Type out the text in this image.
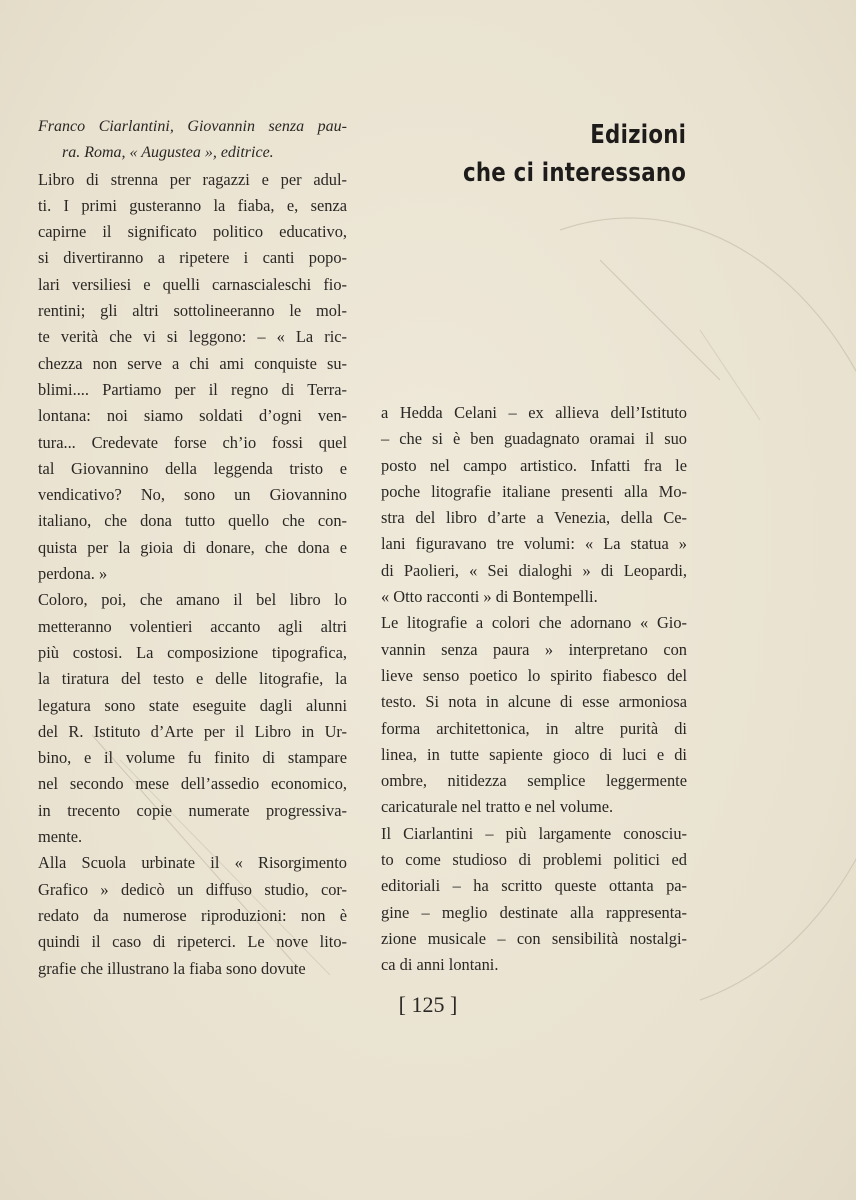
Edizioni
che ci interessano

Franco Ciarlantini, Giovannin senza pau-
ra. Roma, « Augustea », editrice.

Libro di strenna per ragazzi e per adul-

ti. I primi gusteranno la fiaba, e, senza

capirne il significato politico educativo,

si divertiranno a ripetere i canti popo-

lari versiliesi e quelli carnascialeschi fio-

rentini; gli altri sottolineeranno le mol-

te verità che vi si leggono: – « La ric-

chezza non serve a chi ami conquiste su-

blimi.... Partiamo per il regno di Terra-

lontana: noi siamo soldati d’ogni ven-

tura... Credevate forse ch’io fossi quel

tal Giovannino della leggenda tristo e

vendicativo? No, sono un Giovannino

italiano, che dona tutto quello che con-

quista per la gioia di donare, che dona e

perdona. »

Coloro, poi, che amano il bel libro lo

metteranno volentieri accanto agli altri

più costosi. La composizione tipografica,

la tiratura del testo e delle litografie, la

legatura sono state eseguite dagli alunni

del R. Istituto d’Arte per il Libro in Ur-

bino, e il volume fu finito di stampare

nel secondo mese dell’assedio economico,

in trecento copie numerate progressiva-

mente.

Alla Scuola urbinate il « Risorgimento

Grafico » dedicò un diffuso studio, cor-

redato da numerose riproduzioni: non è

quindi il caso di ripeterci. Le nove lito-

grafie che illustrano la fiaba sono dovute

a Hedda Celani – ex allieva dell’Istituto

– che si è ben guadagnato oramai il suo

posto nel campo artistico. Infatti fra le

poche litografie italiane presenti alla Mo-

stra del libro d’arte a Venezia, della Ce-

lani figuravano tre volumi: « La statua »

di Paolieri, « Sei dialoghi » di Leopardi,

« Otto racconti » di Bontempelli.

Le litografie a colori che adornano « Gio-

vannin senza paura » interpretano con

lieve senso poetico lo spirito fiabesco del

testo. Si nota in alcune di esse armoniosa

forma architettonica, in altre purità di

linea, in tutte sapiente gioco di luci e di

ombre, nitidezza semplice leggermente

caricaturale nel tratto e nel volume.

Il Ciarlantini – più largamente conosciu-

to come studioso di problemi politici ed

editoriali – ha scritto queste ottanta pa-

gine – meglio destinate alla rappresenta-

zione musicale – con sensibilità nostalgi-

ca di anni lontani.

[ 125 ]
